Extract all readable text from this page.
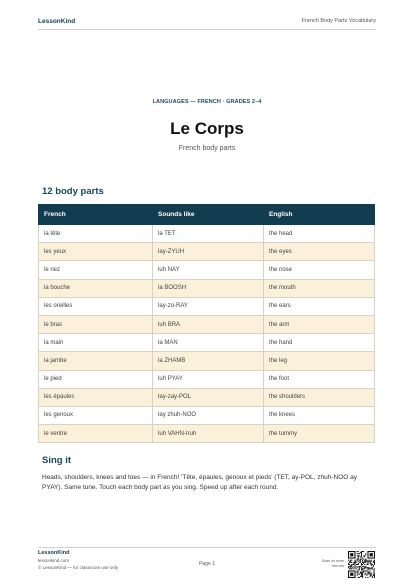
LessonKind	French Body Parts Vocabulary
LANGUAGES — FRENCH · GRADES 2–4
Le Corps
French body parts
12 body parts
French	Sounds like	English
la tête	la TET	the head
les yeux	lay-ZYUH	the eyes
le nez	luh NAY	the nose
la bouche	la BOOSH	the mouth
les oreilles	lay-zo-RAY	the ears
le bras	luh BRA	the arm
la main	la MAN	the hand
la jambe	la ZHAMB	the leg
le pied	luh PYAY	the foot
les épaules	lay-zay-POL	the shoulders
les genoux	lay zhuh-NOO	the knees
le ventre	luh VAHN-truh	the tummy
Sing it

Heads, shoulders, knees and toes — in French! 'Tête, épaules, genoux et pieds' (TET, ay-POL, zhuh-NOO ay PYAY). Same tune. Touch each body part as you sing. Speed up after each round.

LessonKind
lessonkind.com
© LessonKind — for classroom use only
Page 1	Scan for more free res
